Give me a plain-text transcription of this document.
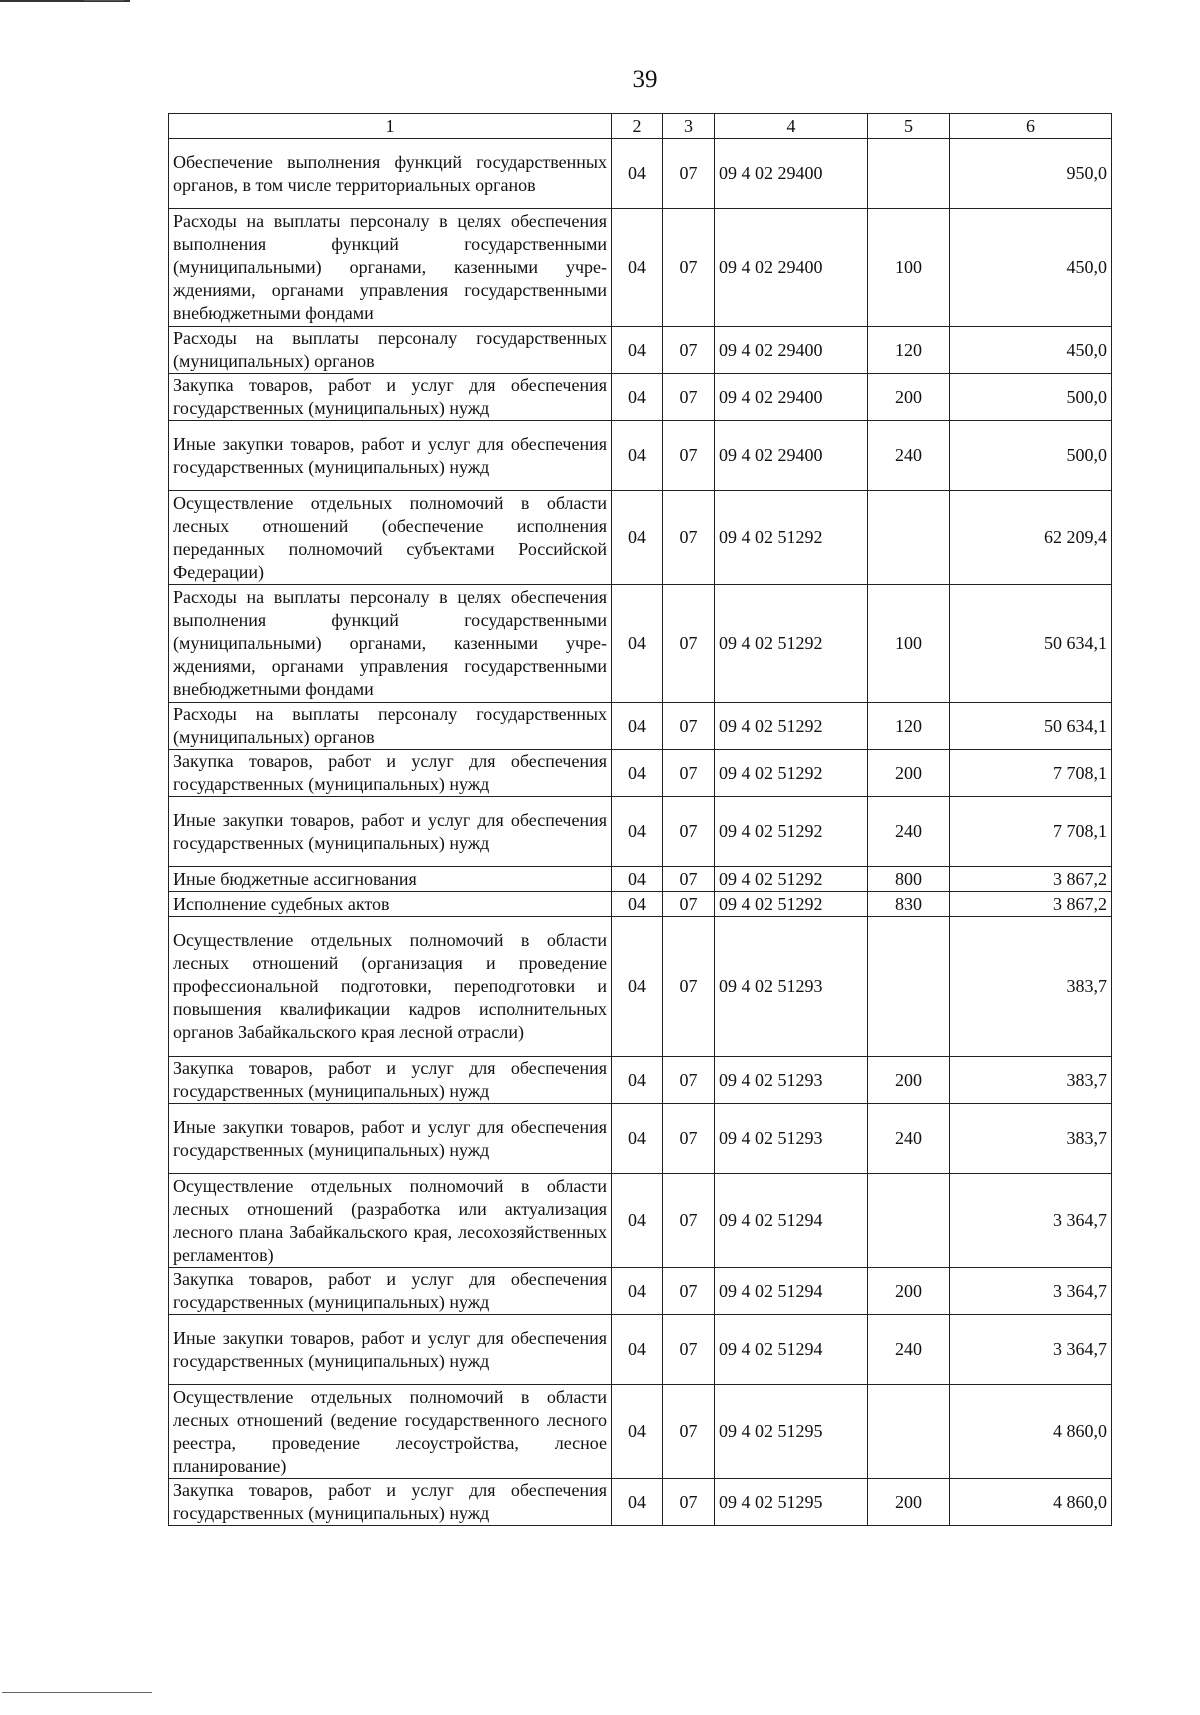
39
1	2	3	4	5	6
Обеспечение выполнения функций государственных органов, в том числе территориальных органов	04	07	09 4 02 29400		950,0
Расходы на выплаты персоналу в целях обеспечения выполнения функций государственными (муниципальными) органами, казенными учреждениями, органами управления государственными внебюджетными фондами	04	07	09 4 02 29400	100	450,0
Расходы на выплаты персоналу государственных (муниципальных) органов	04	07	09 4 02 29400	120	450,0
Закупка товаров, работ и услуг для обеспечения государственных (муниципальных) нужд	04	07	09 4 02 29400	200	500,0
Иные закупки товаров, работ и услуг для обеспечения государственных (муниципальных) нужд	04	07	09 4 02 29400	240	500,0
Осуществление отдельных полномочий в области лесных отношений (обеспечение исполнения переданных полномочий субъектами Российской Федерации)	04	07	09 4 02 51292		62 209,4
Расходы на выплаты персоналу в целях обеспечения выполнения функций государственными (муниципальными) органами, казенными учреждениями, органами управления государственными внебюджетными фондами	04	07	09 4 02 51292	100	50 634,1
Расходы на выплаты персоналу государственных (муниципальных) органов	04	07	09 4 02 51292	120	50 634,1
Закупка товаров, работ и услуг для обеспечения государственных (муниципальных) нужд	04	07	09 4 02 51292	200	7 708,1
Иные закупки товаров, работ и услуг для обеспечения государственных (муниципальных) нужд	04	07	09 4 02 51292	240	7 708,1
Иные бюджетные ассигнования	04	07	09 4 02 51292	800	3 867,2
Исполнение судебных актов	04	07	09 4 02 51292	830	3 867,2
Осуществление отдельных полномочий в области лесных отношений (организация и проведение профессиональной подготовки, переподготовки и повышения квалификации кадров исполнительных органов Забайкальского края лесной отрасли)	04	07	09 4 02 51293		383,7
Закупка товаров, работ и услуг для обеспечения государственных (муниципальных) нужд	04	07	09 4 02 51293	200	383,7
Иные закупки товаров, работ и услуг для обеспечения государственных (муниципальных) нужд	04	07	09 4 02 51293	240	383,7
Осуществление отдельных полномочий в области лесных отношений (разработка или актуализация лесного плана Забайкальского края, лесохозяйственных регламентов)	04	07	09 4 02 51294		3 364,7
Закупка товаров, работ и услуг для обеспечения государственных (муниципальных) нужд	04	07	09 4 02 51294	200	3 364,7
Иные закупки товаров, работ и услуг для обеспечения государственных (муниципальных) нужд	04	07	09 4 02 51294	240	3 364,7
Осуществление отдельных полномочий в области лесных отношений (ведение государственного лесного реестра, проведение лесоустройства, лесное планирование)	04	07	09 4 02 51295		4 860,0
Закупка товаров, работ и услуг для обеспечения государственных (муниципальных) нужд	04	07	09 4 02 51295	200	4 860,0
